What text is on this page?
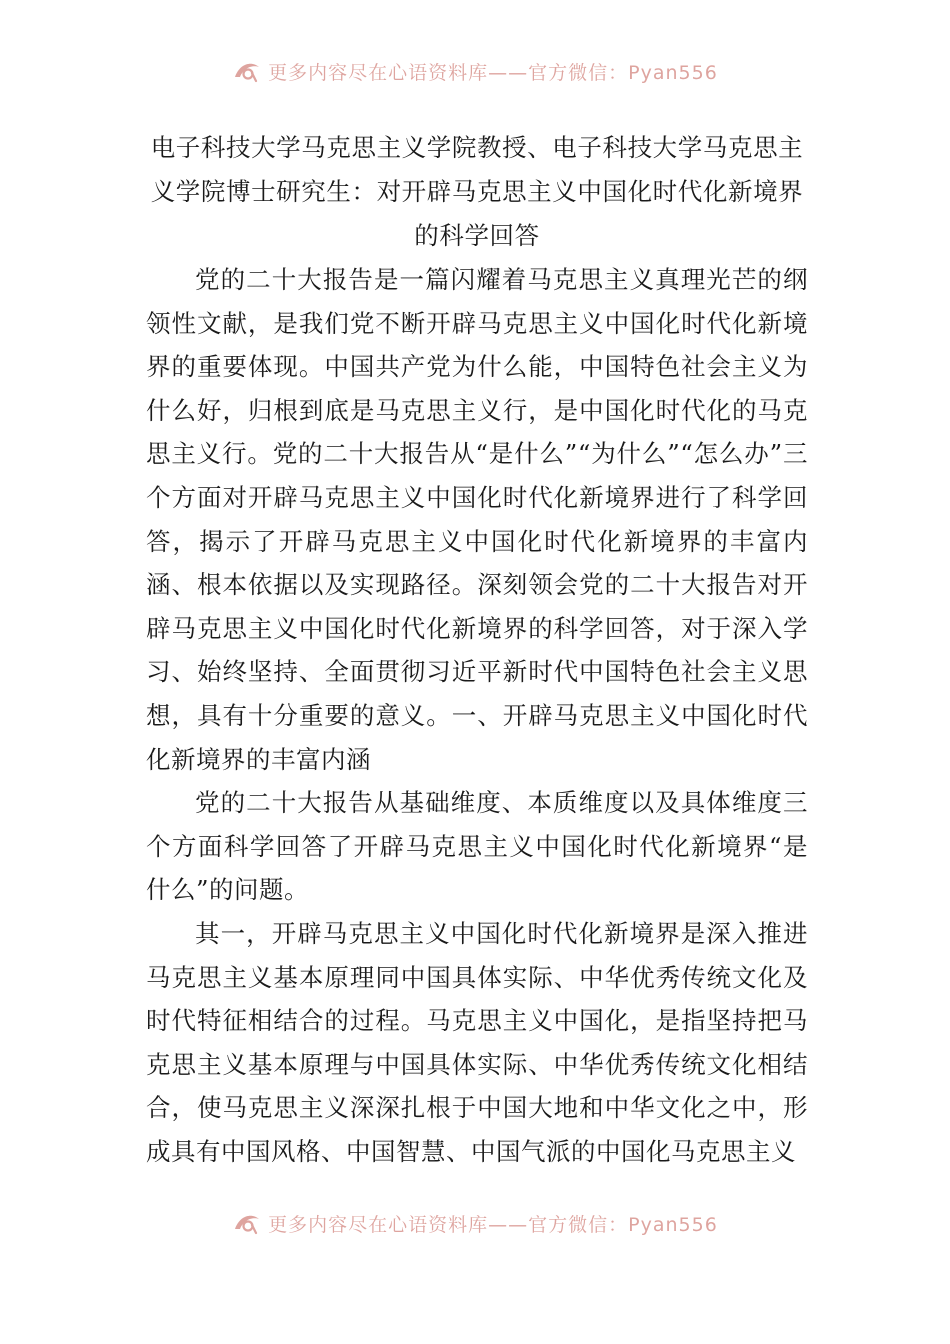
更多内容尽在心语资料库——官方微信：Pyan556
电子科技大学马克思主义学院教授、电子科技大学马克思主义学院博士研究生：对开辟马克思主义中国化时代化新境界的科学回答

党的二十大报告是一篇闪耀着马克思主义真理光芒的纲领性文献，是我们党不断开辟马克思主义中国化时代化新境界的重要体现。中国共产党为什么能，中国特色社会主义为什么好，归根到底是马克思主义行，是中国化时代化的马克思主义行。党的二十大报告从“是什么”“为什么”“怎么办”三个方面对开辟马克思主义中国化时代化新境界进行了科学回答，揭示了开辟马克思主义中国化时代化新境界的丰富内涵、根本依据以及实现路径。深刻领会党的二十大报告对开辟马克思主义中国化时代化新境界的科学回答，对于深入学习、始终坚持、全面贯彻习近平新时代中国特色社会主义思想，具有十分重要的意义。一、开辟马克思主义中国化时代化新境界的丰富内涵

党的二十大报告从基础维度、本质维度以及具体维度三个方面科学回答了开辟马克思主义中国化时代化新境界“是什么”的问题。

其一，开辟马克思主义中国化时代化新境界是深入推进马克思主义基本原理同中国具体实际、中华优秀传统文化及时代特征相结合的过程。马克思主义中国化，是指坚持把马克思主义基本原理与中国具体实际、中华优秀传统文化相结合，使马克思主义深深扎根于中国大地和中华文化之中，形成具有中国风格、中国智慧、中国气派的中国化马克思主义

更多内容尽在心语资料库——官方微信：Pyan556
